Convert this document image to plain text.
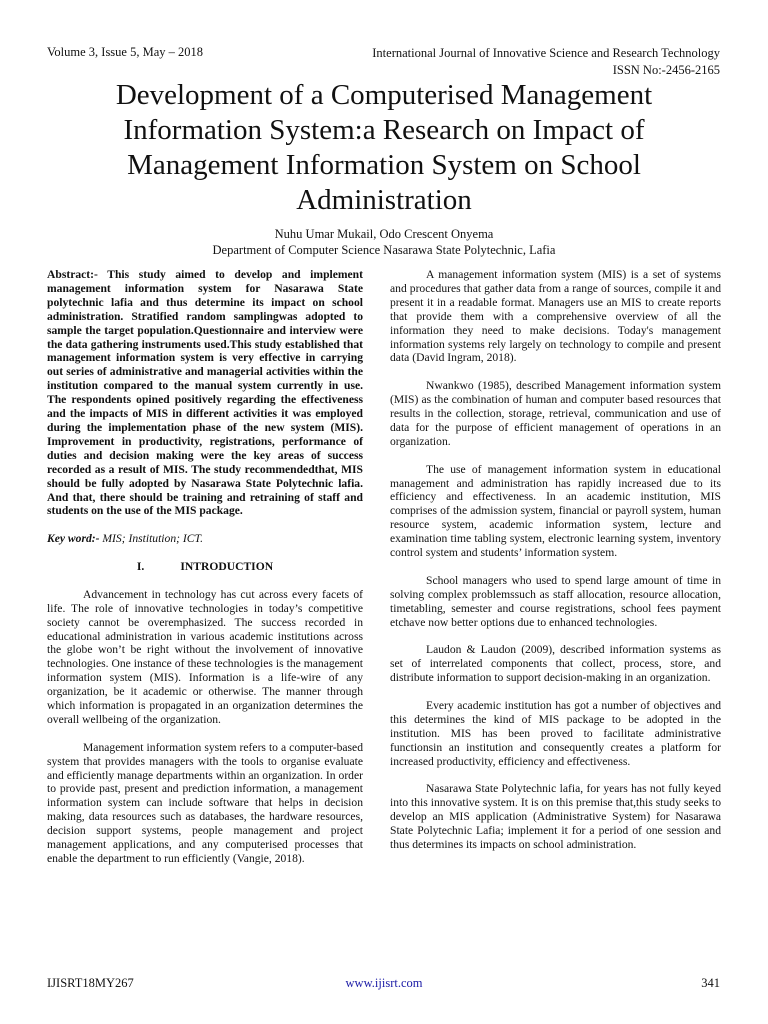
Volume 3, Issue 5, May – 2018	International Journal of Innovative Science and Research Technology
ISSN No:-2456-2165
Development of a Computerised Management Information System:a Research on Impact of Management Information System on School Administration
Nuhu Umar Mukail, Odo Crescent Onyema
Department of Computer Science Nasarawa State Polytechnic, Lafia

Abstract:- This study aimed to develop and implement management information system for Nasarawa State polytechnic lafia and thus determine its impact on school administration. Stratified random samplingwas adopted to sample the target population.Questionnaire and interview were the data gathering instruments used.This study established that management information system is very effective in carrying out series of administrative and managerial activities within the institution compared to the manual system currently in use. The respondents opined positively regarding the effectiveness and the impacts of MIS in different activities it was employed during the implementation phase of the new system (MIS). Improvement in productivity, registrations, performance of duties and decision making were the key areas of success recorded as a result of MIS. The study recommendedthat, MIS should be fully adopted by Nasarawa State Polytechnic lafia. And that, there should be training and retraining of staff and students on the use of the MIS package.

Key word:- MIS; Institution; ICT.

I.	INTRODUCTION

Advancement in technology has cut across every facets of life. The role of innovative technologies in today’s competitive society cannot be overemphasized. The success recorded in educational administration in various academic institutions across the globe won’t be right without the involvement of innovative technologies. One instance of these technologies is the management information system (MIS). Information is a life-wire of any organization, be it academic or otherwise. The manner through which information is propagated in an organization determines the overall wellbeing of the organization.

Management information system refers to a computer-based system that provides managers with the tools to organise evaluate and efficiently manage departments within an organization. In order to provide past, present and prediction information, a management information system can include software that helps in decision making, data resources such as databases, the hardware resources, decision support systems, people management and project management applications, and any computerised processes that enable the department to run efficiently (Vangie, 2018).

A management information system (MIS) is a set of systems and procedures that gather data from a range of sources, compile it and present it in a readable format. Managers use an MIS to create reports that provide them with a comprehensive overview of all the information they need to make decisions. Today's management information systems rely largely on technology to compile and present data (David Ingram, 2018).

Nwankwo (1985), described Management information system (MIS) as the combination of human and computer based resources that results in the collection, storage, retrieval, communication and use of data for the purpose of efficient management of operations in an organization.

The use of management information system in educational management and administration has rapidly increased due to its efficiency and effectiveness. In an academic institution, MIS comprises of the admission system, financial or payroll system, human resource system, academic information system, lecture and examination time tabling system, electronic learning system, inventory control system and students’ information system.

School managers who used to spend large amount of time in solving complex problemssuch as staff allocation, resource allocation, timetabling, semester and course registrations, school fees payment etchave now better options due to enhanced technologies.

Laudon & Laudon (2009), described information systems as set of interrelated components that collect, process, store, and distribute information to support decision-making in an organization.

Every academic institution has got a number of objectives and this determines the kind of MIS package to be adopted in the institution. MIS has been proved to facilitate administrative functionsin an institution and consequently creates a platform for increased productivity, efficiency and effectiveness.

Nasarawa State Polytechnic lafia, for years has not fully keyed into this innovative system. It is on this premise that,this study seeks to develop an MIS application (Administrative System) for Nasarawa State Polytechnic Lafia; implement it for a period of one session and thus determines its impacts on school administration.

IJISRT18MY267	www.ijisrt.com	341
